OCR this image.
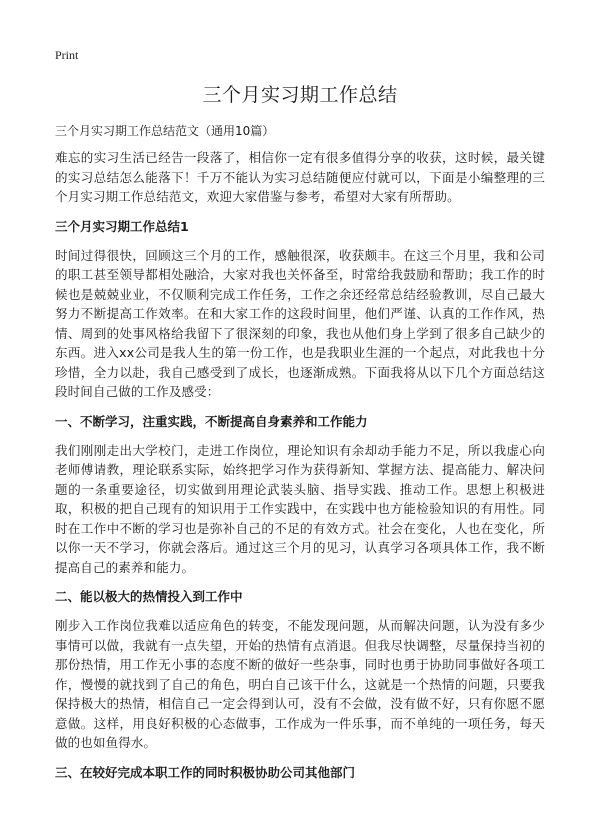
Print
三个月实习期工作总结
三个月实习期工作总结范文（通用10篇）

难忘的实习生活已经告一段落了，相信你一定有很多值得分享的收获，这时候，最关键的实习总结怎么能落下！千万不能认为实习总结随便应付就可以，下面是小编整理的三个月实习期工作总结范文，欢迎大家借鉴与参考，希望对大家有所帮助。

三个月实习期工作总结1

时间过得很快，回顾这三个月的工作，感触很深，收获颇丰。在这三个月里，我和公司的职工甚至领导都相处融洽，大家对我也关怀备至，时常给我鼓励和帮助；我工作的时候也是兢兢业业，不仅顺利完成工作任务，工作之余还经常总结经验教训，尽自己最大努力不断提高工作效率。在和大家工作的这段时间里，他们严谨、认真的工作作风，热情、周到的处事风格给我留下了很深刻的印象，我也从他们身上学到了很多自己缺少的东西。进入xx公司是我人生的第一份工作，也是我职业生涯的一个起点，对此我也十分珍惜，全力以赴，我自己感受到了成长，也逐渐成熟。下面我将从以下几个方面总结这段时间自己做的工作及感受：

一、不断学习，注重实践，不断提高自身素养和工作能力

我们刚刚走出大学校门，走进工作岗位，理论知识有余却动手能力不足，所以我虚心向老师傅请教，理论联系实际，始终把学习作为获得新知、掌握方法、提高能力、解决问题的一条重要途径，切实做到用理论武装头脑、指导实践、推动工作。思想上积极进取，积极的把自己现有的知识用于工作实践中，在实践中也方能检验知识的有用性。同时在工作中不断的学习也是弥补自己的不足的有效方式。社会在变化，人也在变化，所以你一天不学习，你就会落后。通过这三个月的见习，认真学习各项具体工作，我不断提高自己的素养和能力。

二、能以极大的热情投入到工作中

刚步入工作岗位我难以适应角色的转变，不能发现问题，从而解决问题，认为没有多少事情可以做，我就有一点失望，开始的热情有点消退。但我尽快调整，尽量保持当初的那份热情，用工作无小事的态度不断的做好一些杂事，同时也勇于协助同事做好各项工作，慢慢的就找到了自己的角色，明白自己该干什么，这就是一个热情的问题，只要我保持极大的热情，相信自己一定会得到认可，没有不会做，没有做不好，只有你愿不愿意做。这样，用良好积极的心态做事，工作成为一件乐事，而不单纯的一项任务，每天做的也如鱼得水。

三、在较好完成本职工作的同时积极协助公司其他部门
